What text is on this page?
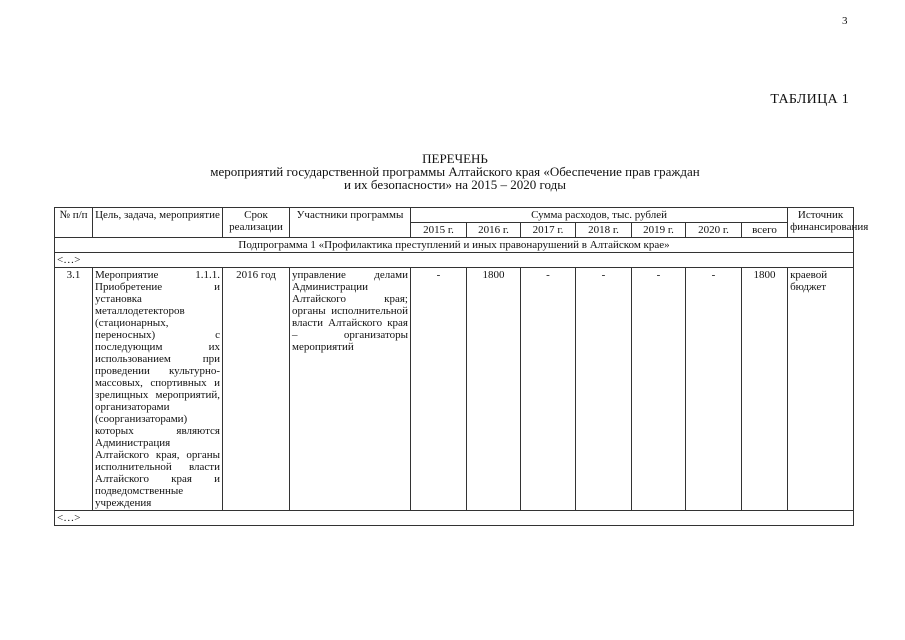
3
ТАБЛИЦА 1
ПЕРЕЧЕНЬ
мероприятий государственной программы Алтайского края «Обеспечение прав граждан
и их безопасности» на 2015 – 2020 годы
№ п/п	Цель, задача, мероприятие	Срок реализации	Участники программы	Сумма расходов, тыс. рублей							Источник финансирования
				2015 г.	2016 г.	2017 г.	2018 г.	2019 г.	2020 г.	всего	
Подпрограмма 1 «Профилактика преступлений и иных правонарушений в Алтайском крае»											
<…>											
3.1	Мероприятие 1.1.1. Приобретение и установка металлодетекторов (стационарных, переносных) с последующим их использованием при проведении культурно-массовых, спортивных и зрелищных мероприятий, организаторами (соорганизаторами) которых являются Администрация Алтайского края, органы исполнительной власти Алтайского края и подведомственные учреждения	2016 год	управление делами Администрации Алтайского края; органы исполнительной власти Алтайского края – организаторы мероприятий	-	1800	-	-	-	-	1800	краевой бюджет
<…>											
